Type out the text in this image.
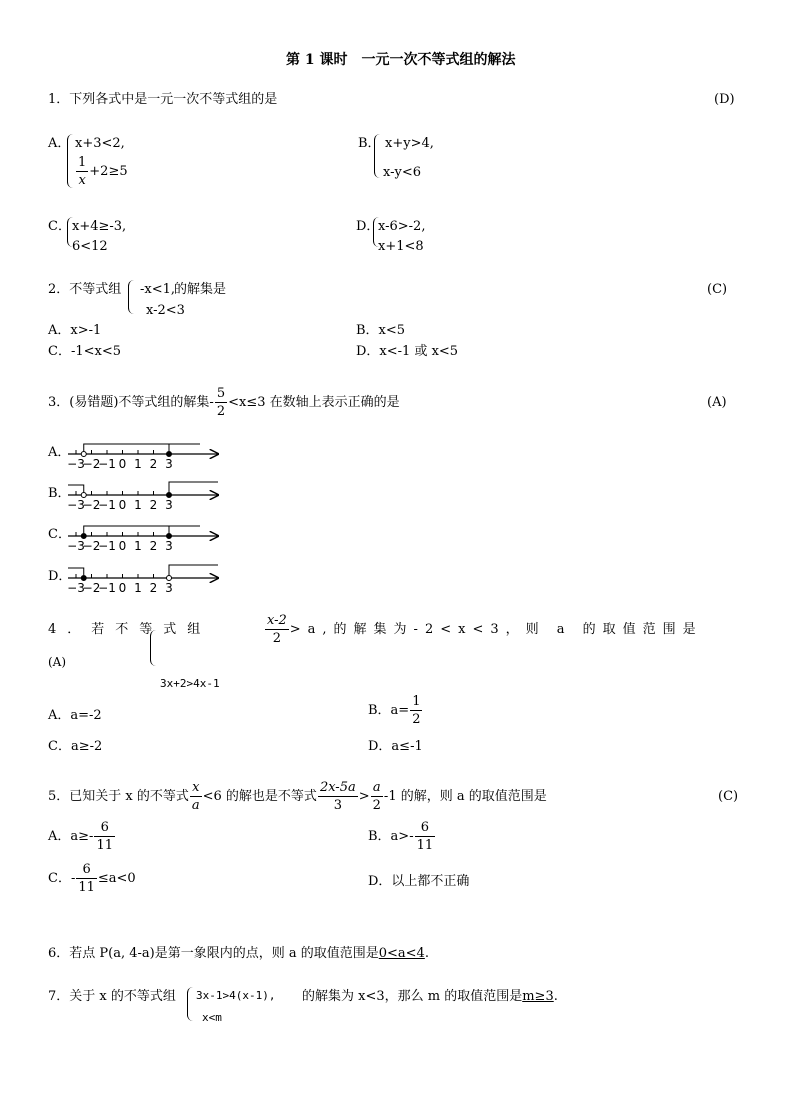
第 1 课时　一元一次不等式组的解法
1．下列各式中是一元一次不等式组的是	(D)
A． x+3<2,
$\frac{1}{x} +2\ge 5$
B． x+y>4,
x-y<6
C． x+4≥-3,
6<12
D．
x-6>-2,
x+1<8
2．不等式组 -x<1,
的解集是
x-2<3
(C)
A．x>-1	B．x<5
C．-1<x<5	D．x<-1 或 x<5
3．(易错题)不等式组的解集- $\frac{5}{2} <x\le 3$ 在数轴上表示正确的是	(A)
A．
B．
C．
D．
−3
−2
−1 0 1 2 3
−3
−2
−1 0 1 2 3
−3
−2
−1 0 1 2 3
−3
−2
−1 0 1 2 3
4．若不等式组	$\frac{x-2}{2} >a$,的解集为-2<x<3，则 a 的取值范围是
(A)
3x+2>4x-1
A．a=-2	B．$a= \frac{1}{2}$
C．a≥-2	D．a≤-1
5．已知关于 x 的不等式 $\frac{x}{a} <6$ 的解也是不等式 $\frac{2x-5a}{3} > \frac{a}{2} -1$ 的解，则 a 的取值范围是	(C)
A．$a\ge- \frac{6}{11}$	B．$a>- \frac{6}{11}$
C．- $\frac{6}{11} \le a<0$	D．以上都不正确
6．若点 P(a, 4-a)是第一象限内的点，则 a 的取值范围是0<a<4.
7．关于 x 的不等式组 3x-1>4(x-1), 的解集为 x<3，那么 m 的取值范围是m≥3.
x<m
